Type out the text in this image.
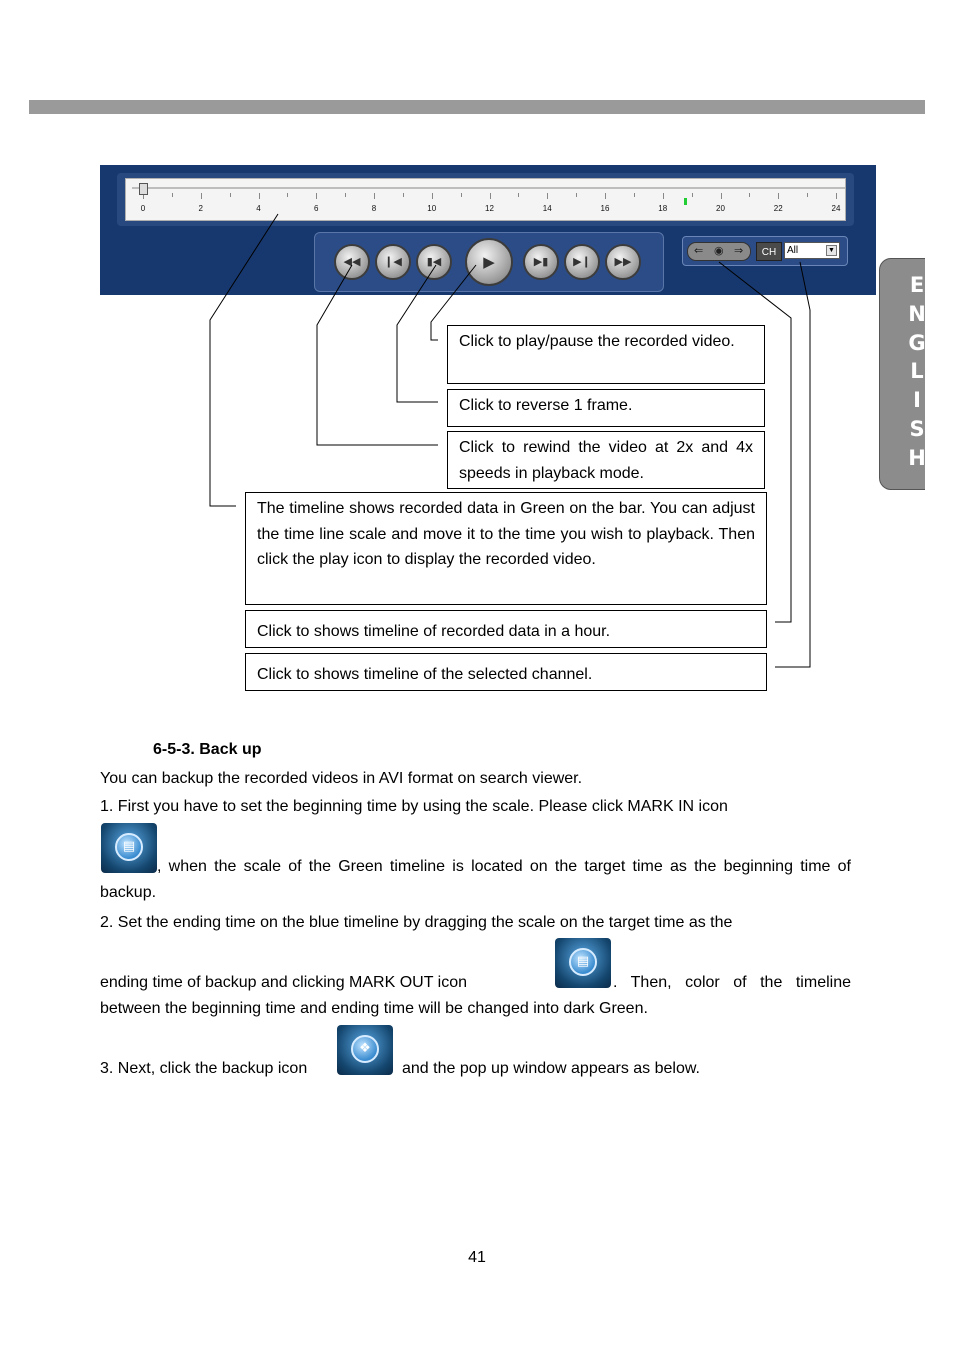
E
N
G
L
I
S
H
0	2	4	6	8	10	12	14	16	18	20	22	24
◀◀	❙◀	▮◀	▶	▶▮	▶❙	▶▶
⇐ ◉ ⇒	CH	All	▼
Click to play/pause the recorded video.
Click to reverse 1 frame.
Click to rewind the video at 2x and 4x speeds in playback mode.
The timeline shows recorded data in Green on the bar. You can adjust the time line scale and move it to the time you wish to playback. Then click the play icon to display the recorded video.
Click to shows timeline of recorded data in a hour.
Click to shows timeline of the selected channel.
6-5-3. Back up
You can backup the recorded videos in AVI format on search viewer.
1. First you have to set the beginning time by using the scale. Please click MARK IN icon
▤
, when the scale of the Green timeline is located on the target time as the beginning time of backup.
2. Set the ending time on the blue timeline by dragging the scale on the target time as the
ending time of backup and clicking MARK OUT icon
▤
. Then, color of the timeline between the beginning time and ending time will be changed into dark Green.
3. Next, click the backup icon
❖
and the pop up window appears as below.
41
